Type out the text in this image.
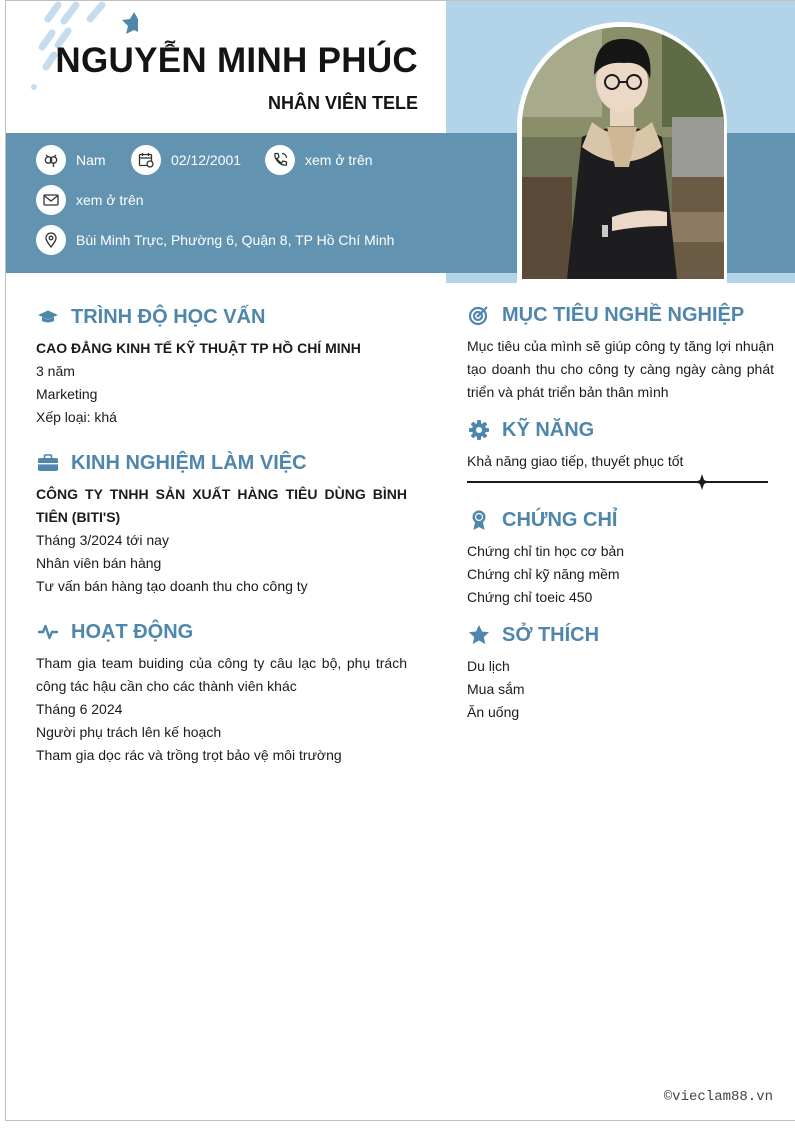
NGUYỄN MINH PHÚC
NHÂN VIÊN TELE
Nam	02/12/2001	xem ở trên
xem ở trên
Bùi Minh Trực, Phường 6, Quận 8, TP Hồ Chí Minh
TRÌNH ĐỘ HỌC VẤN
CAO ĐẲNG KINH TẾ KỸ THUẬT TP HỒ CHÍ MINH
3 năm
Marketing
Xếp loại: khá
KINH NGHIỆM LÀM VIỆC
CÔNG TY TNHH SẢN XUẤT HÀNG TIÊU DÙNG BÌNH TIÊN (BITI'S)
Tháng 3/2024 tới nay
Nhân viên bán hàng
Tư vấn bán hàng tạo doanh thu cho công ty
HOẠT ĐỘNG
Tham gia team buiding của công ty câu lạc bộ, phụ trách công tác hậu cần cho các thành viên khác
Tháng 6 2024
Người phụ trách lên kế hoạch
Tham gia dọc rác và trồng trọt bảo vệ môi trường
MỤC TIÊU NGHỀ NGHIỆP
Mục tiêu của mình sẽ giúp công ty tăng lợi nhuận tạo doanh thu cho công ty càng ngày càng phát triển và phát triển bản thân mình
KỸ NĂNG
Khả năng giao tiếp, thuyết phục tốt
CHỨNG CHỈ
Chứng chỉ tin học cơ bản
Chứng chỉ kỹ năng mềm
Chứng chỉ toeic 450
SỞ THÍCH
Du lịch
Mua sắm
Ăn uống
©vieclam88.vn
